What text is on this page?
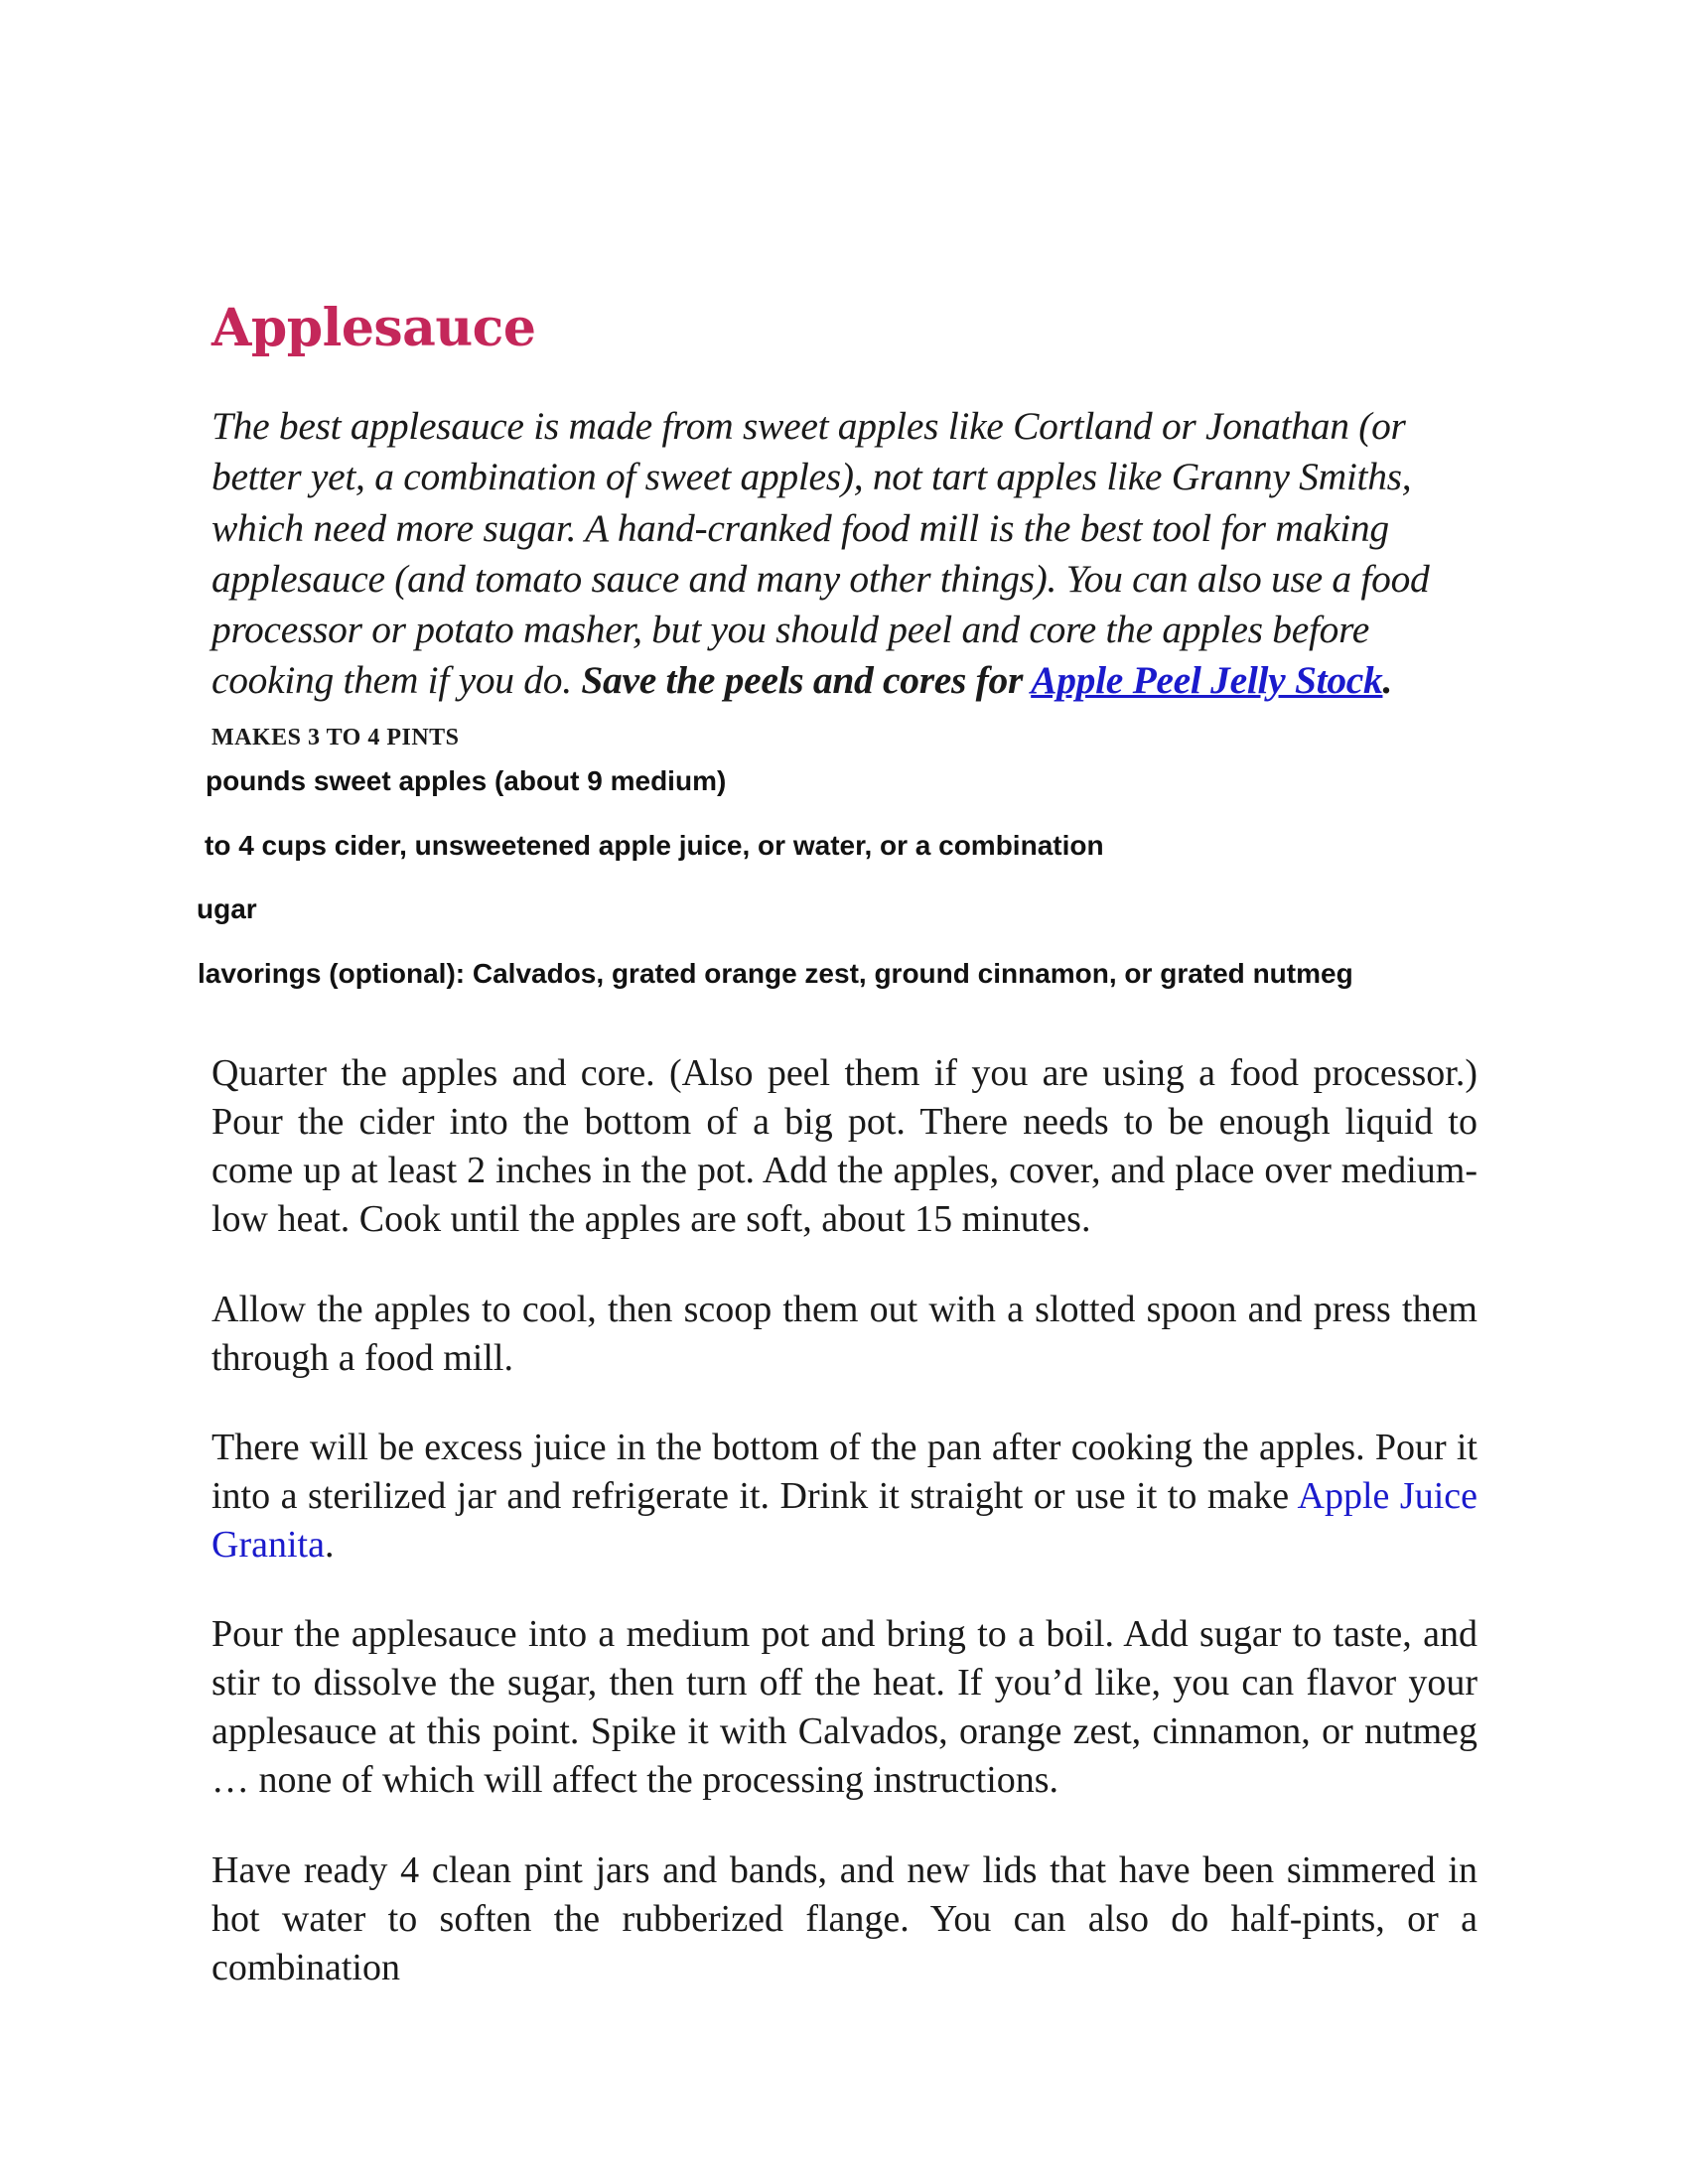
Applesauce

The best applesauce is made from sweet apples like Cortland or Jonathan (or better yet, a combination of sweet apples), not tart apples like Granny Smiths, which need more sugar. A hand-cranked food mill is the best tool for making applesauce (and tomato sauce and many other things). You can also use a food processor or potato masher, but you should peel and core the apples before cooking them if you do. Save the peels and cores for Apple Peel Jelly Stock. MAKES 3 TO 4 PINTS

pounds sweet apples (about 9 medium)
to 4 cups cider, unsweetened apple juice, or water, or a combination
ugar
lavorings (optional): Calvados, grated orange zest, ground cinnamon, or grated nutmeg

Quarter the apples and core. (Also peel them if you are using a food processor.) Pour the cider into the bottom of a big pot. There needs to be enough liquid to come up at least 2 inches in the pot. Add the apples, cover, and place over medium-low heat. Cook until the apples are soft, about 15 minutes.

Allow the apples to cool, then scoop them out with a slotted spoon and press them through a food mill.

There will be excess juice in the bottom of the pan after cooking the apples. Pour it into a sterilized jar and refrigerate it. Drink it straight or use it to make Apple Juice Granita.

Pour the applesauce into a medium pot and bring to a boil. Add sugar to taste, and stir to dissolve the sugar, then turn off the heat. If you’d like, you can flavor your applesauce at this point. Spike it with Calvados, orange zest, cinnamon, or nutmeg … none of which will affect the processing instructions.

Have ready 4 clean pint jars and bands, and new lids that have been simmered in hot water to soften the rubberized flange. You can also do half-pints, or a combination
